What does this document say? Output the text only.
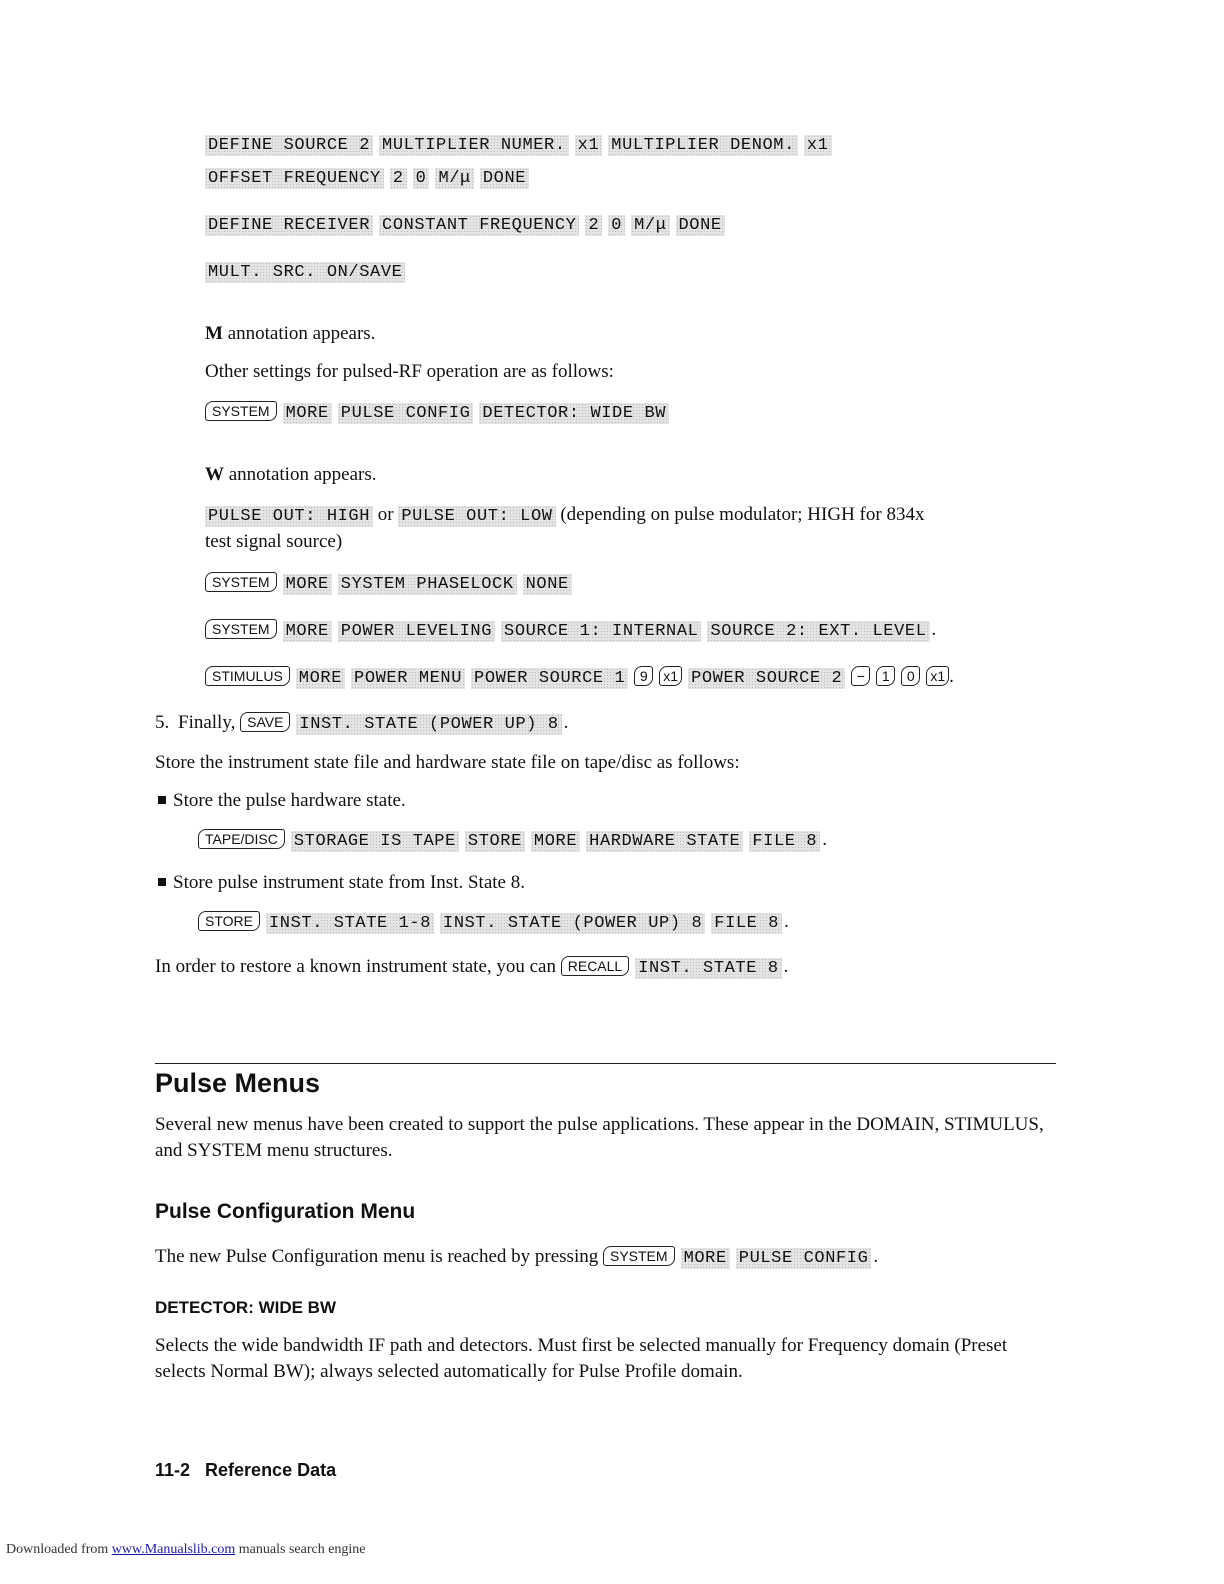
DEFINE SOURCE 2 MULTIPLIER NUMER. x1 MULTIPLIER DENOM. x1
OFFSET FREQUENCY 2 0 M/μ DONE
DEFINE RECEIVER CONSTANT FREQUENCY 2 0 M/μ DONE
MULT. SRC. ON/SAVE
M annotation appears.
Other settings for pulsed-RF operation are as follows:
SYSTEM MORE PULSE CONFIG DETECTOR: WIDE BW
W annotation appears.
PULSE OUT: HIGH or PULSE OUT: LOW (depending on pulse modulator; HIGH for 834x
test signal source)
SYSTEM MORE SYSTEM PHASELOCK NONE
SYSTEM MORE POWER LEVELING SOURCE 1: INTERNAL SOURCE 2: EXT. LEVEL .
STIMULUS MORE POWER MENU POWER SOURCE 1 9 x1 POWER SOURCE 2 − 1 0 x1 .
5. Finally, SAVE INST. STATE (POWER UP) 8 .
Store the instrument state file and hardware state file on tape/disc as follows:
Store the pulse hardware state.
TAPE/DISC STORAGE IS TAPE STORE MORE HARDWARE STATE FILE 8 .
Store pulse instrument state from Inst. State 8.
STORE INST. STATE 1-8 INST. STATE (POWER UP) 8 FILE 8 .
In order to restore a known instrument state, you can RECALL INST. STATE 8 .
Pulse Menus
Several new menus have been created to support the pulse applications. These appear in the DOMAIN, STIMULUS, and SYSTEM menu structures.
Pulse Configuration Menu
The new Pulse Configuration menu is reached by pressing SYSTEM MORE PULSE CONFIG .
DETECTOR: WIDE BW
Selects the wide bandwidth IF path and detectors. Must first be selected manually for Frequency domain (Preset selects Normal BW); always selected automatically for Pulse Profile domain.
11-2   Reference Data
Downloaded from www.Manualslib.com manuals search engine
